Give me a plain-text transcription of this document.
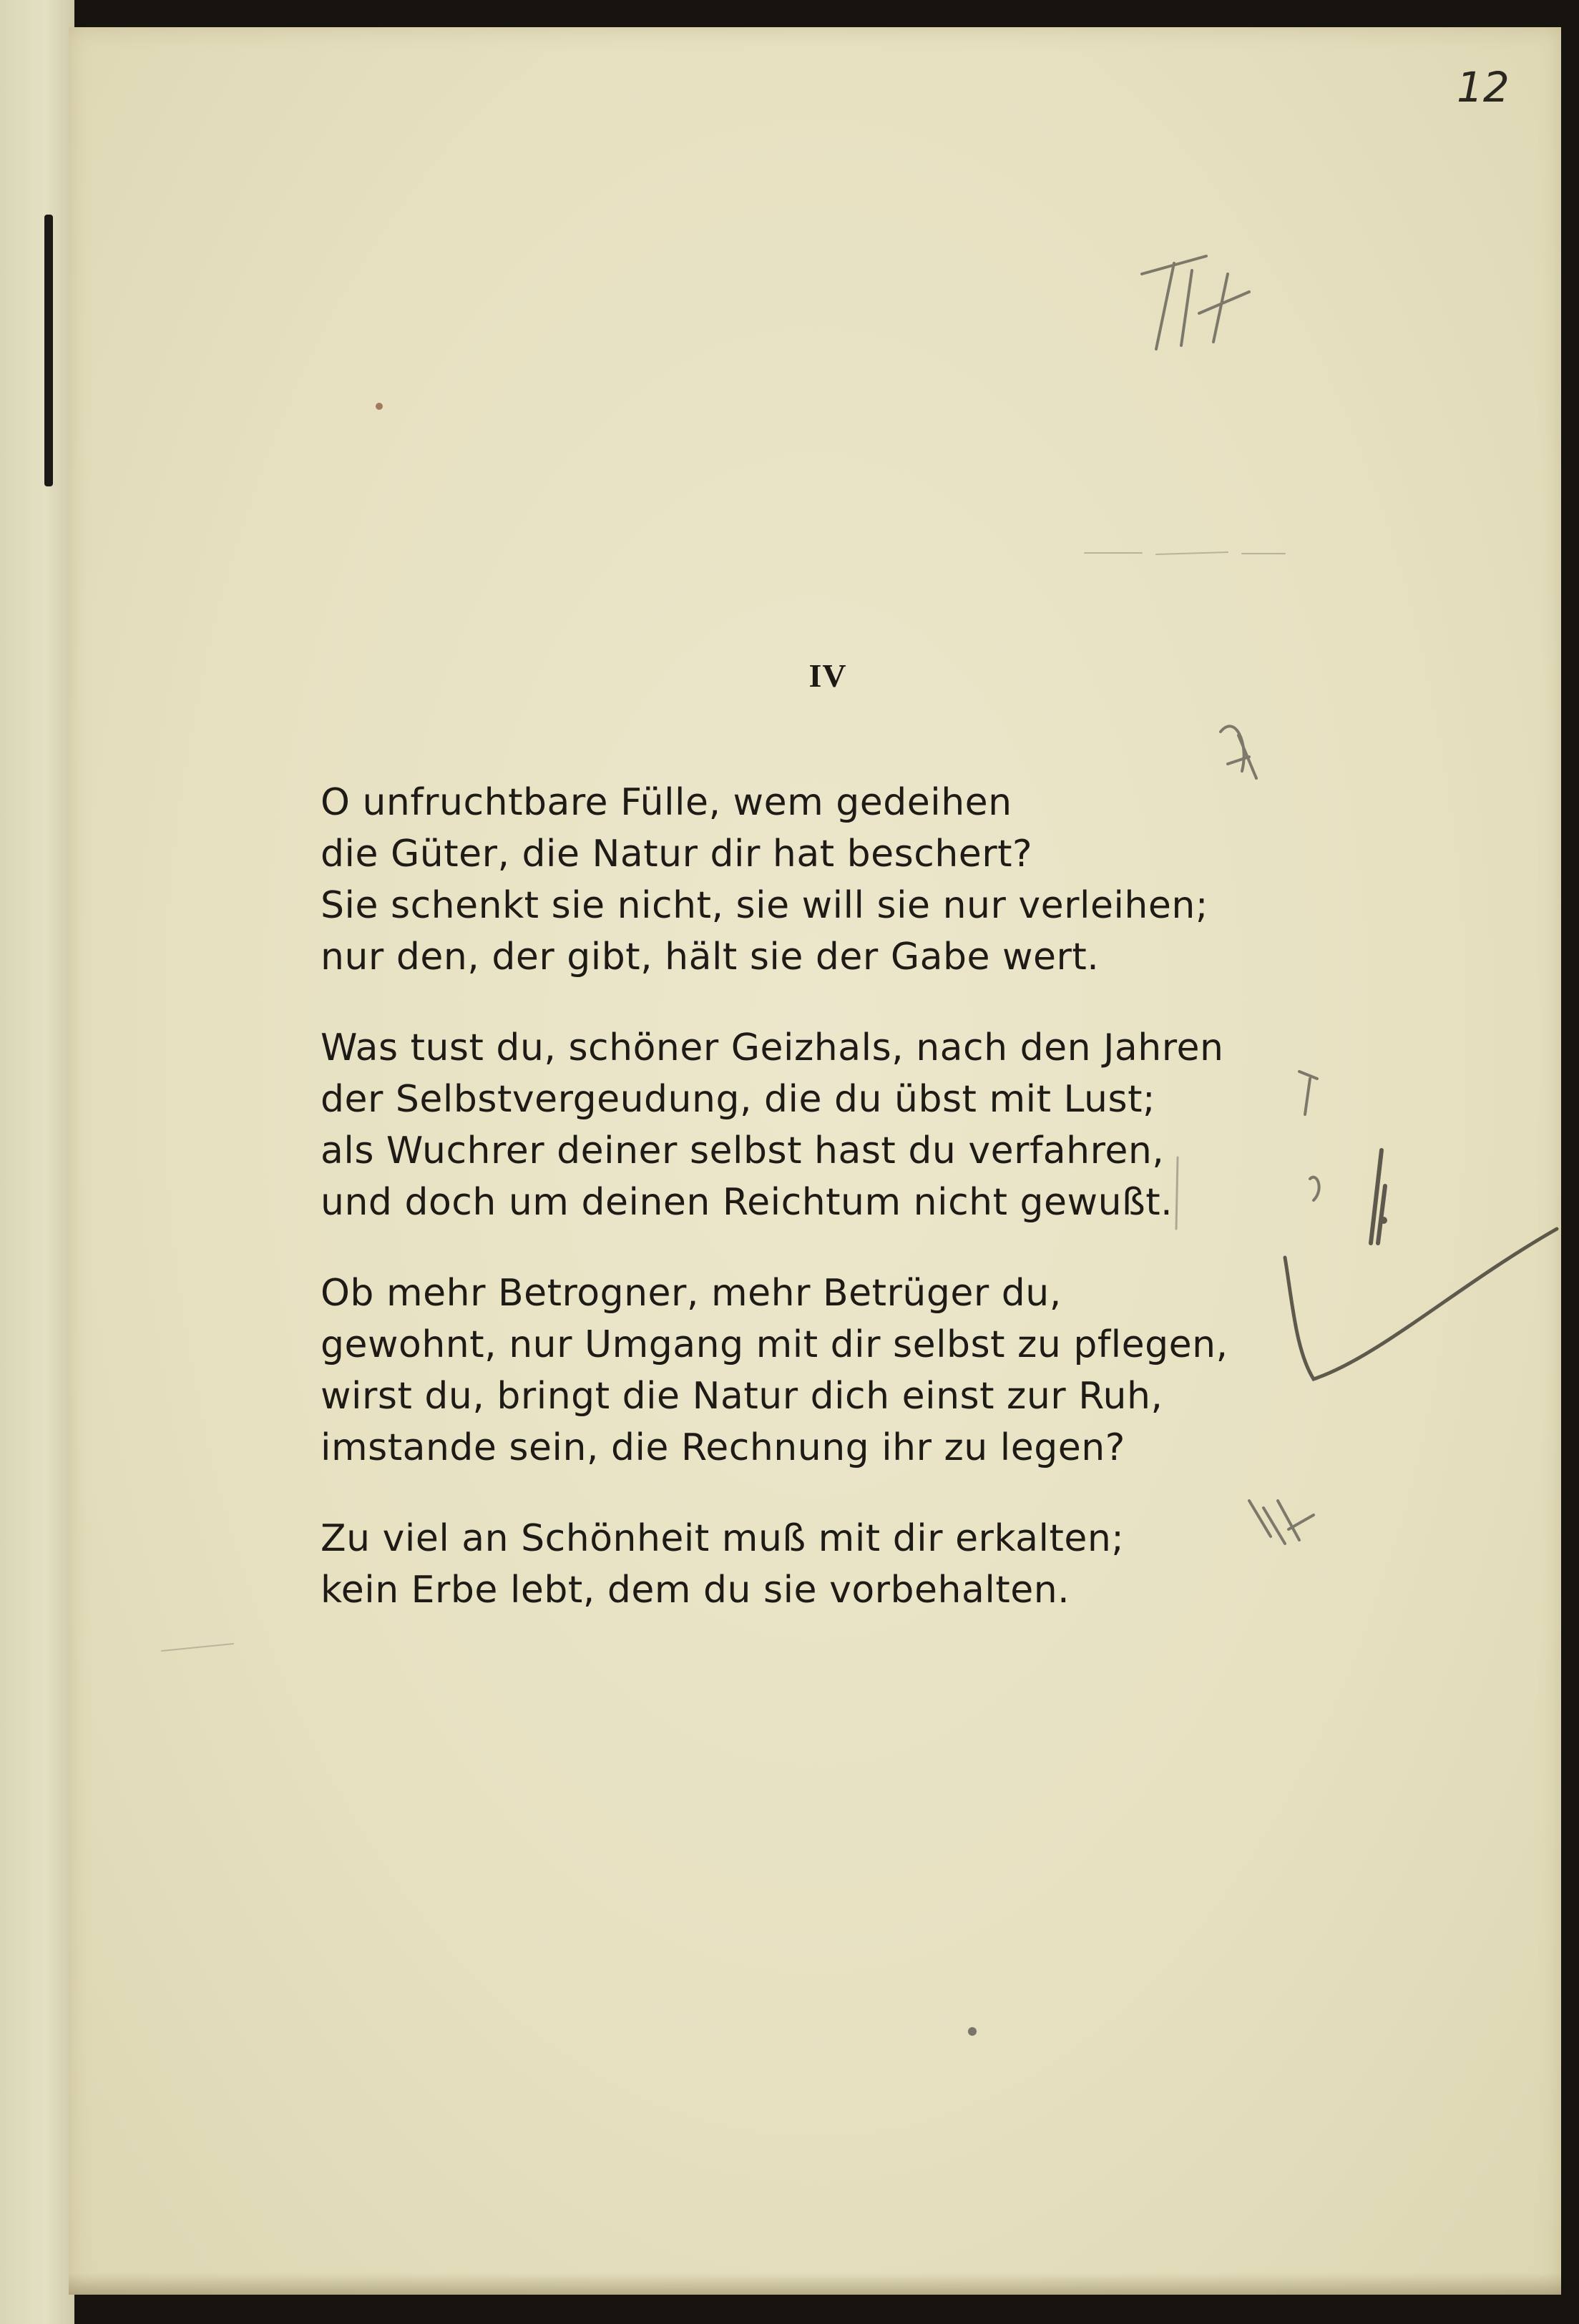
12
IV
O unfruchtbare Fülle, wem gedeihen
die Güter, die Natur dir hat beschert?
Sie schenkt sie nicht, sie will sie nur verleihen;
nur den, der gibt, hält sie der Gabe wert.
Was tust du, schöner Geizhals, nach den Jahren
der Selbstvergeudung, die du übst mit Lust;
als Wuchrer deiner selbst hast du verfahren,
und doch um deinen Reichtum nicht gewußt.
Ob mehr Betrogner, mehr Betrüger du,
gewohnt, nur Umgang mit dir selbst zu pflegen,
wirst du, bringt die Natur dich einst zur Ruh,
imstande sein, die Rechnung ihr zu legen?
Zu viel an Schönheit muß mit dir erkalten;
kein Erbe lebt, dem du sie vorbehalten.
